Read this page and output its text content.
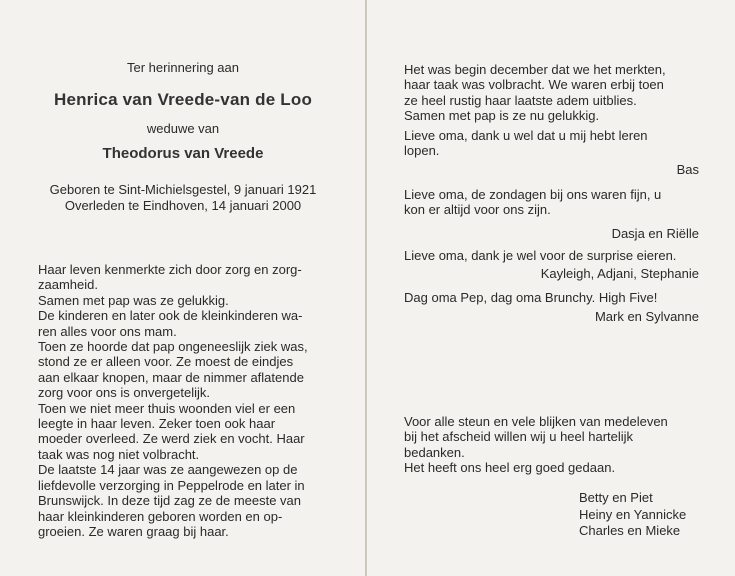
Ter herinnering aan
Henrica van Vreede-van de Loo
weduwe van
Theodorus van Vreede
Geboren te Sint-Michielsgestel, 9 januari 1921
Overleden te Eindhoven, 14 januari 2000

Haar leven kenmerkte zich door zorg en zorg-

zaamheid.

Samen met pap was ze gelukkig.

De kinderen en later ook de kleinkinderen wa-

ren alles voor ons mam.

Toen ze hoorde dat pap ongeneeslijk ziek was,

stond ze er alleen voor. Ze moest de eindjes

aan elkaar knopen, maar de nimmer aflatende

zorg voor ons is onvergetelijk.

Toen we niet meer thuis woonden viel er een

leegte in haar leven. Zeker toen ook haar

moeder overleed. Ze werd ziek en vocht. Haar

taak was nog niet volbracht.

De laatste 14 jaar was ze aangewezen op de

liefdevolle verzorging in Peppelrode en later in

Brunswijck. In deze tijd zag ze de meeste van

haar kleinkinderen geboren worden en op-

groeien. Ze waren graag bij haar.

Het was begin december dat we het merkten,

haar taak was volbracht. We waren erbij toen

ze heel rustig haar laatste adem uitblies.

Samen met pap is ze nu gelukkig.

Lieve oma, dank u wel dat u mij hebt leren

lopen.

Bas

Lieve oma, de zondagen bij ons waren fijn, u

kon er altijd voor ons zijn.

Dasja en Riëlle

Lieve oma, dank je wel voor de surprise eieren.

Kayleigh, Adjani, Stephanie

Dag oma Pep, dag oma Brunchy. High Five!

Mark en Sylvanne

Voor alle steun en vele blijken van medeleven

bij het afscheid willen wij u heel hartelijk

bedanken.

Het heeft ons heel erg goed gedaan.

Betty en Piet

Heiny en Yannicke

Charles en Mieke
